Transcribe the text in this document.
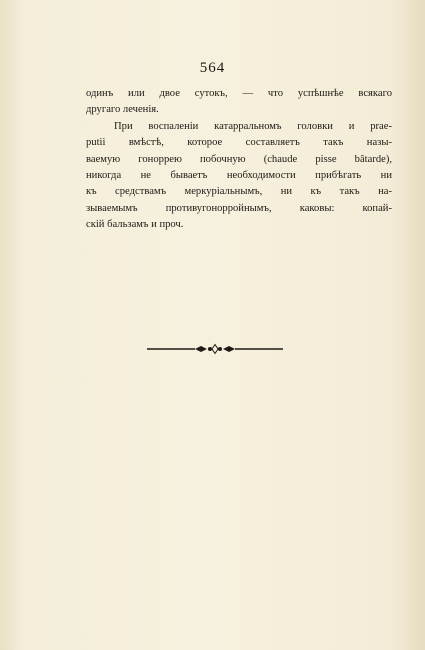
564
одинъ или двое сутокъ, — что успѣшнѣе всякаго
другаго леченія.
При воспаленіи катарральномъ головки и praе-
putii вмѣстѣ, которое составляетъ такъ назы-
ваемую гоноррею побочную (chaude pisse bâtarde),
никогда не бываетъ необходимости прибѣгать ни
къ средствамъ меркуріальнымъ, ни къ такъ на-
зываемымъ противугонорройнымъ, каковы: копай-
скій бальзамъ и проч.
